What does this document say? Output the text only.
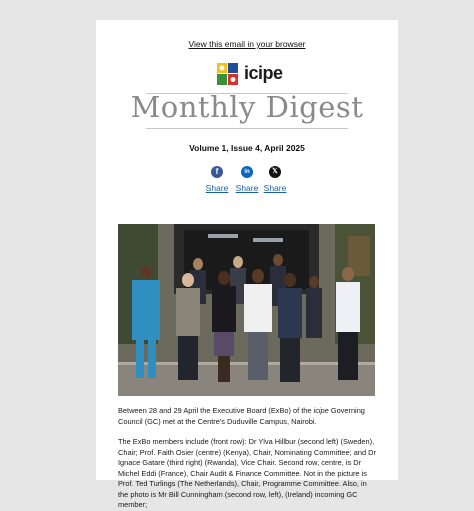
View this email in your browser
icipe
Monthly Digest
Volume 1, Issue 4, April 2025
f
Share
in
Share
𝕏
Share
Between 28 and 29 April the Executive Board (ExBo) of the icipe Governing Council (GC) met at the Centre's Duduville Campus, Nairobi.
The ExBo members include (front row): Dr Ylva Hillbur (second left) (Sweden), Chair; Prof. Faith Osier (centre) (Kenya), Chair, Nominating Committee; and Dr Ignace Gatare (third right) (Rwanda), Vice Chair. Second row, centre, is Dr Michel Eddi (France), Chair Audit & Finance Committee. Not in the picture is Prof. Ted Turlings (The Netherlands), Chair, Programme Committee. Also, in the photo is Mr Bill Cunningham (second row, left), (Ireland) incoming GC member;
